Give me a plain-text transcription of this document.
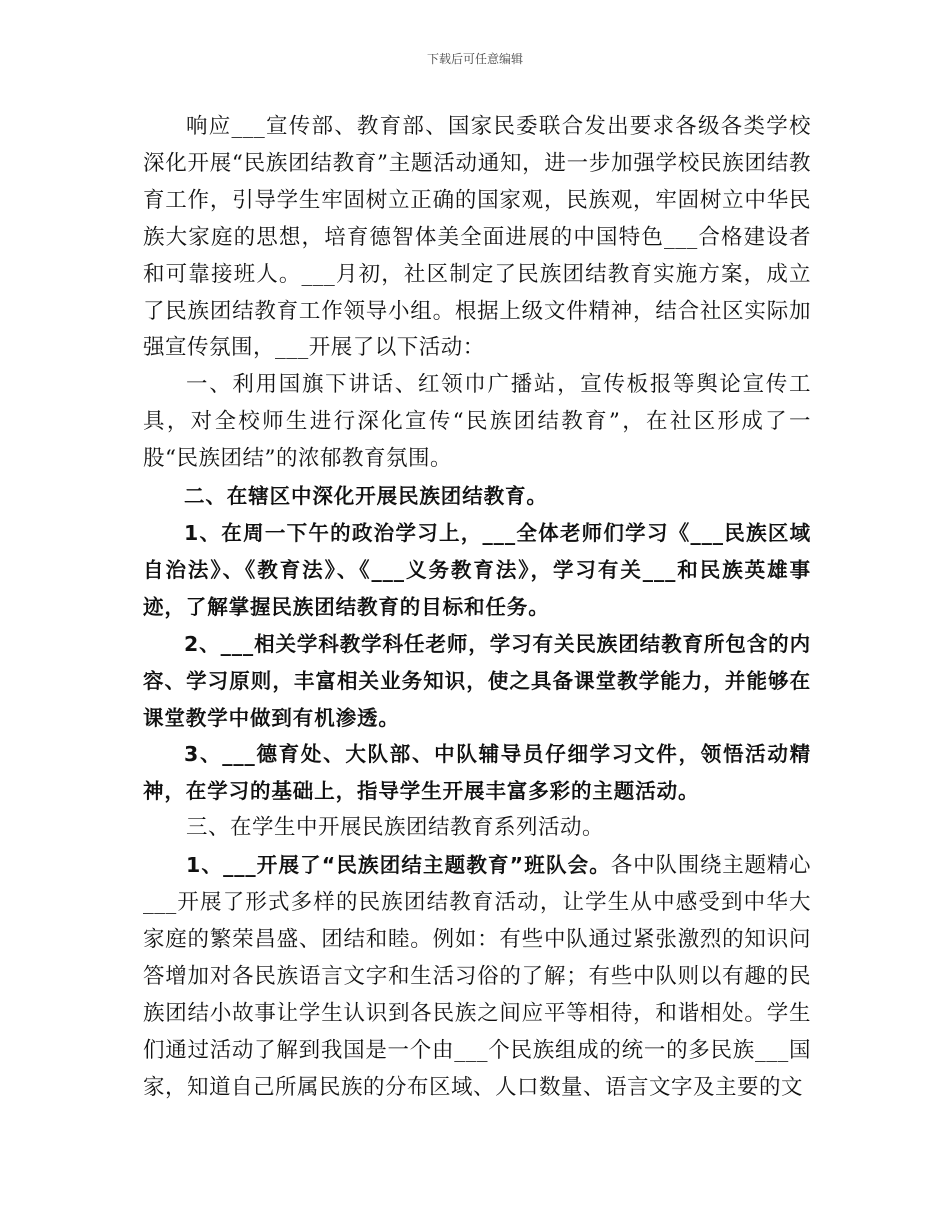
下载后可任意编辑

响应___宣传部、教育部、国家民委联合发出要求各级各类学校深化开展“民族团结教育”主题活动通知，进一步加强学校民族团结教育工作，引导学生牢固树立正确的国家观，民族观，牢固树立中华民族大家庭的思想，培育德智体美全面进展的中国特色___合格建设者和可靠接班人。___月初，社区制定了民族团结教育实施方案，成立了民族团结教育工作领导小组。根据上级文件精神，结合社区实际加强宣传氛围，___开展了以下活动：

一、利用国旗下讲话、红领巾广播站，宣传板报等舆论宣传工具，对全校师生进行深化宣传“民族团结教育”，在社区形成了一股“民族团结”的浓郁教育氛围。

二、在辖区中深化开展民族团结教育。

1、在周一下午的政治学习上，___全体老师们学习《___民族区域自治法》、《教育法》、《___义务教育法》，学习有关___和民族英雄事迹，了解掌握民族团结教育的目标和任务。

2、___相关学科教学科任老师，学习有关民族团结教育所包含的内容、学习原则，丰富相关业务知识，使之具备课堂教学能力，并能够在课堂教学中做到有机渗透。

3、___德育处、大队部、中队辅导员仔细学习文件，领悟活动精神，在学习的基础上，指导学生开展丰富多彩的主题活动。

三、在学生中开展民族团结教育系列活动。

1、___开展了“民族团结主题教育”班队会。各中队围绕主题精心___开展了形式多样的民族团结教育活动，让学生从中感受到中华大家庭的繁荣昌盛、团结和睦。例如：有些中队通过紧张激烈的知识问答增加对各民族语言文字和生活习俗的了解；有些中队则以有趣的民族团结小故事让学生认识到各民族之间应平等相待，和谐相处。学生们通过活动了解到我国是一个由___个民族组成的统一的多民族___国家，知道自己所属民族的分布区域、人口数量、语言文字及主要的文
